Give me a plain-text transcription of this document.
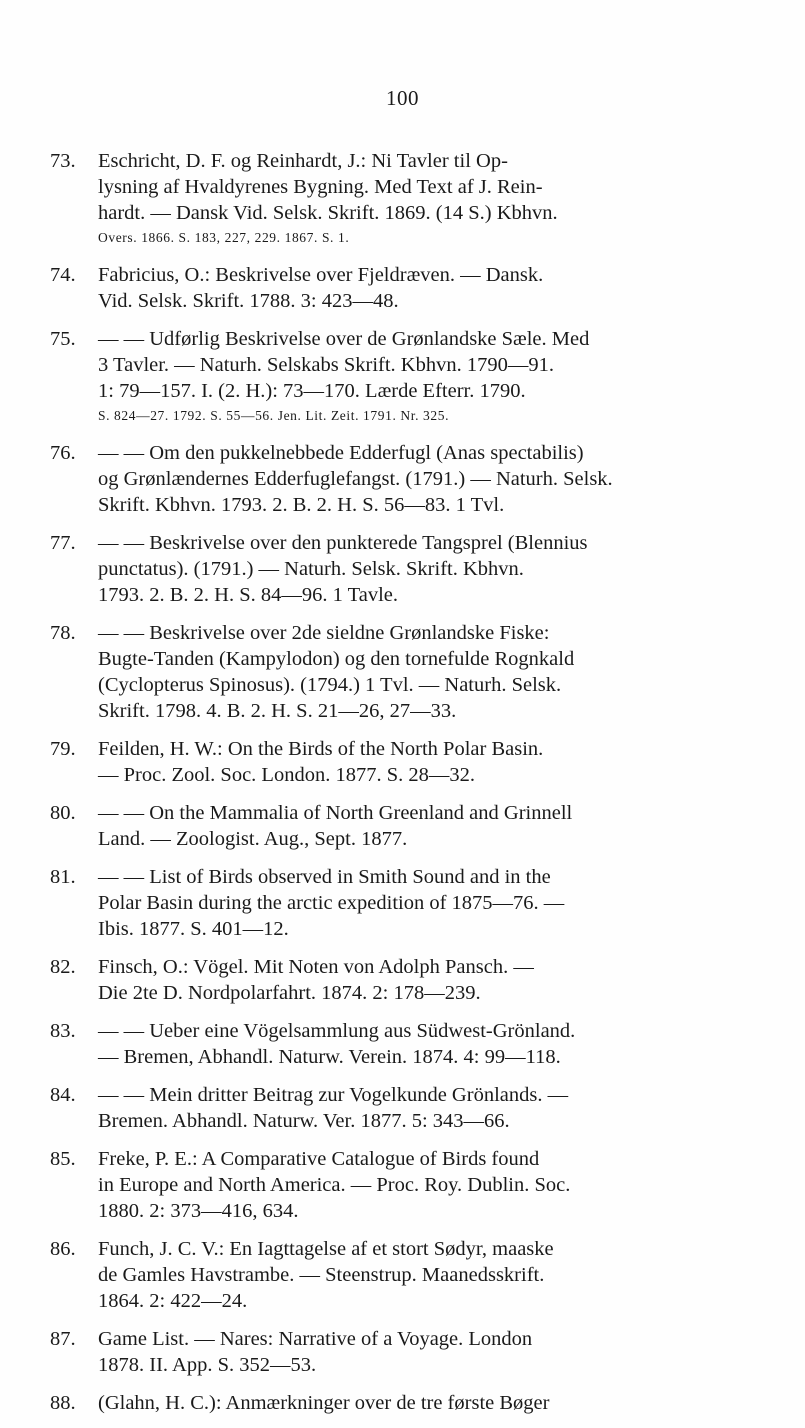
100
73.	Eschricht, D. F. og Reinhardt, J.: Ni Tavler til Op-
lysning af Hvaldyrenes Bygning. Med Text af J. Rein-
hardt. — Dansk Vid. Selsk. Skrift. 1869. (14 S.) Kbhvn.
Overs. 1866. S. 183, 227, 229. 1867. S. 1.
74.	Fabricius, O.: Beskrivelse over Fjeldræven. — Dansk.
Vid. Selsk. Skrift. 1788. 3: 423—48.
75.	— — Udførlig Beskrivelse over de Grønlandske Sæle. Med
3 Tavler. — Naturh. Selskabs Skrift. Kbhvn. 1790—91.
1: 79—157. I. (2. H.): 73—170. Lærde Efterr. 1790.
S. 824—27. 1792. S. 55—56. Jen. Lit. Zeit. 1791. Nr. 325.
76.	— — Om den pukkelnebbede Edderfugl (Anas spectabilis)
og Grønlændernes Edderfuglefangst. (1791.) — Naturh. Selsk.
Skrift. Kbhvn. 1793. 2. B. 2. H. S. 56—83. 1 Tvl.
77.	— — Beskrivelse over den punkterede Tangsprel (Blennius
punctatus). (1791.) — Naturh. Selsk. Skrift. Kbhvn.
1793. 2. B. 2. H. S. 84—96. 1 Tavle.
78.	— — Beskrivelse over 2de sieldne Grønlandske Fiske:
Bugte-Tanden (Kampylodon) og den tornefulde Rognkald
(Cyclopterus Spinosus). (1794.) 1 Tvl. — Naturh. Selsk.
Skrift. 1798. 4. B. 2. H. S. 21—26, 27—33.
79.	Feilden, H. W.: On the Birds of the North Polar Basin.
— Proc. Zool. Soc. London. 1877. S. 28—32.
80.	— — On the Mammalia of North Greenland and Grinnell
Land. — Zoologist. Aug., Sept. 1877.
81.	— — List of Birds observed in Smith Sound and in the
Polar Basin during the arctic expedition of 1875—76. —
Ibis. 1877. S. 401—12.
82.	Finsch, O.: Vögel. Mit Noten von Adolph Pansch. —
Die 2te D. Nordpolarfahrt. 1874. 2: 178—239.
83.	— — Ueber eine Vögelsammlung aus Südwest-Grönland.
— Bremen, Abhandl. Naturw. Verein. 1874. 4: 99—118.
84.	— — Mein dritter Beitrag zur Vogelkunde Grönlands. —
Bremen. Abhandl. Naturw. Ver. 1877. 5: 343—66.
85.	Freke, P. E.: A Comparative Catalogue of Birds found
in Europe and North America. — Proc. Roy. Dublin. Soc.
1880. 2: 373—416, 634.
86.	Funch, J. C. V.: En Iagttagelse af et stort Sødyr, maaske
de Gamles Havstrambe. — Steenstrup. Maanedsskrift.
1864. 2: 422—24.
87.	Game List. — Nares: Narrative of a Voyage. London
1878. II. App. S. 352—53.
88.	(Glahn, H. C.): Anmærkninger over de tre første Bøger
